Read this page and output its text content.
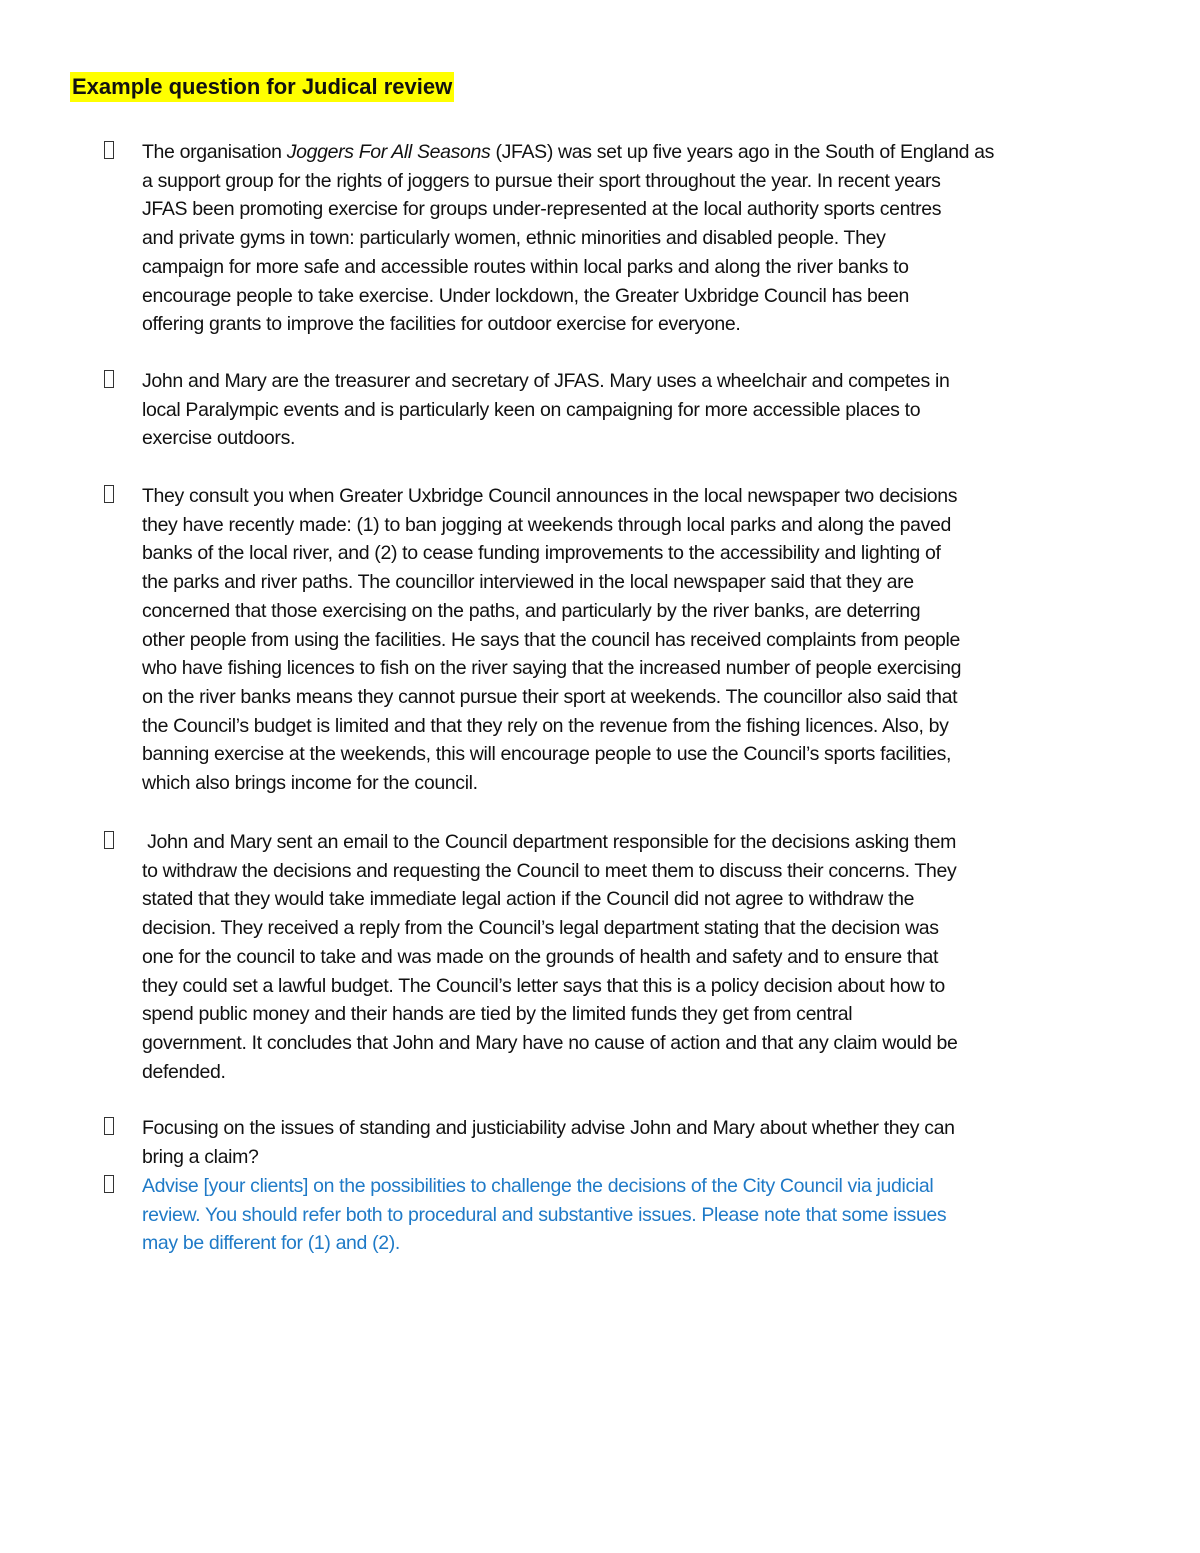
Example question for Judical review
The organisation Joggers For All Seasons (JFAS) was set up five years ago in the South of England as
a support group for the rights of joggers to pursue their sport throughout the year. In recent years
JFAS been promoting exercise for groups under-represented at the local authority sports centres
and private gyms in town: particularly women, ethnic minorities and disabled people. They
campaign for more safe and accessible routes within local parks and along the river banks to
encourage people to take exercise. Under lockdown, the Greater Uxbridge Council has been
offering grants to improve the facilities for outdoor exercise for everyone.
John and Mary are the treasurer and secretary of JFAS. Mary uses a wheelchair and competes in
local Paralympic events and is particularly keen on campaigning for more accessible places to
exercise outdoors.
They consult you when Greater Uxbridge Council announces in the local newspaper two decisions
they have recently made: (1) to ban jogging at weekends through local parks and along the paved
banks of the local river, and (2) to cease funding improvements to the accessibility and lighting of
the parks and river paths. The councillor interviewed in the local newspaper said that they are
concerned that those exercising on the paths, and particularly by the river banks, are deterring
other people from using the facilities. He says that the council has received complaints from people
who have fishing licences to fish on the river saying that the increased number of people exercising
on the river banks means they cannot pursue their sport at weekends. The councillor also said that
the Council’s budget is limited and that they rely on the revenue from the fishing licences. Also, by
banning exercise at the weekends, this will encourage people to use the Council’s sports facilities,
which also brings income for the council.
John and Mary sent an email to the Council department responsible for the decisions asking them
to withdraw the decisions and requesting the Council to meet them to discuss their concerns. They
stated that they would take immediate legal action if the Council did not agree to withdraw the
decision. They received a reply from the Council’s legal department stating that the decision was
one for the council to take and was made on the grounds of health and safety and to ensure that
they could set a lawful budget. The Council’s letter says that this is a policy decision about how to
spend public money and their hands are tied by the limited funds they get from central
government. It concludes that John and Mary have no cause of action and that any claim would be
defended.
Focusing on the issues of standing and justiciability advise John and Mary about whether they can
bring a claim?
Advise [your clients] on the possibilities to challenge the decisions of the City Council via judicial
review. You should refer both to procedural and substantive issues. Please note that some issues
may be different for (1) and (2).
